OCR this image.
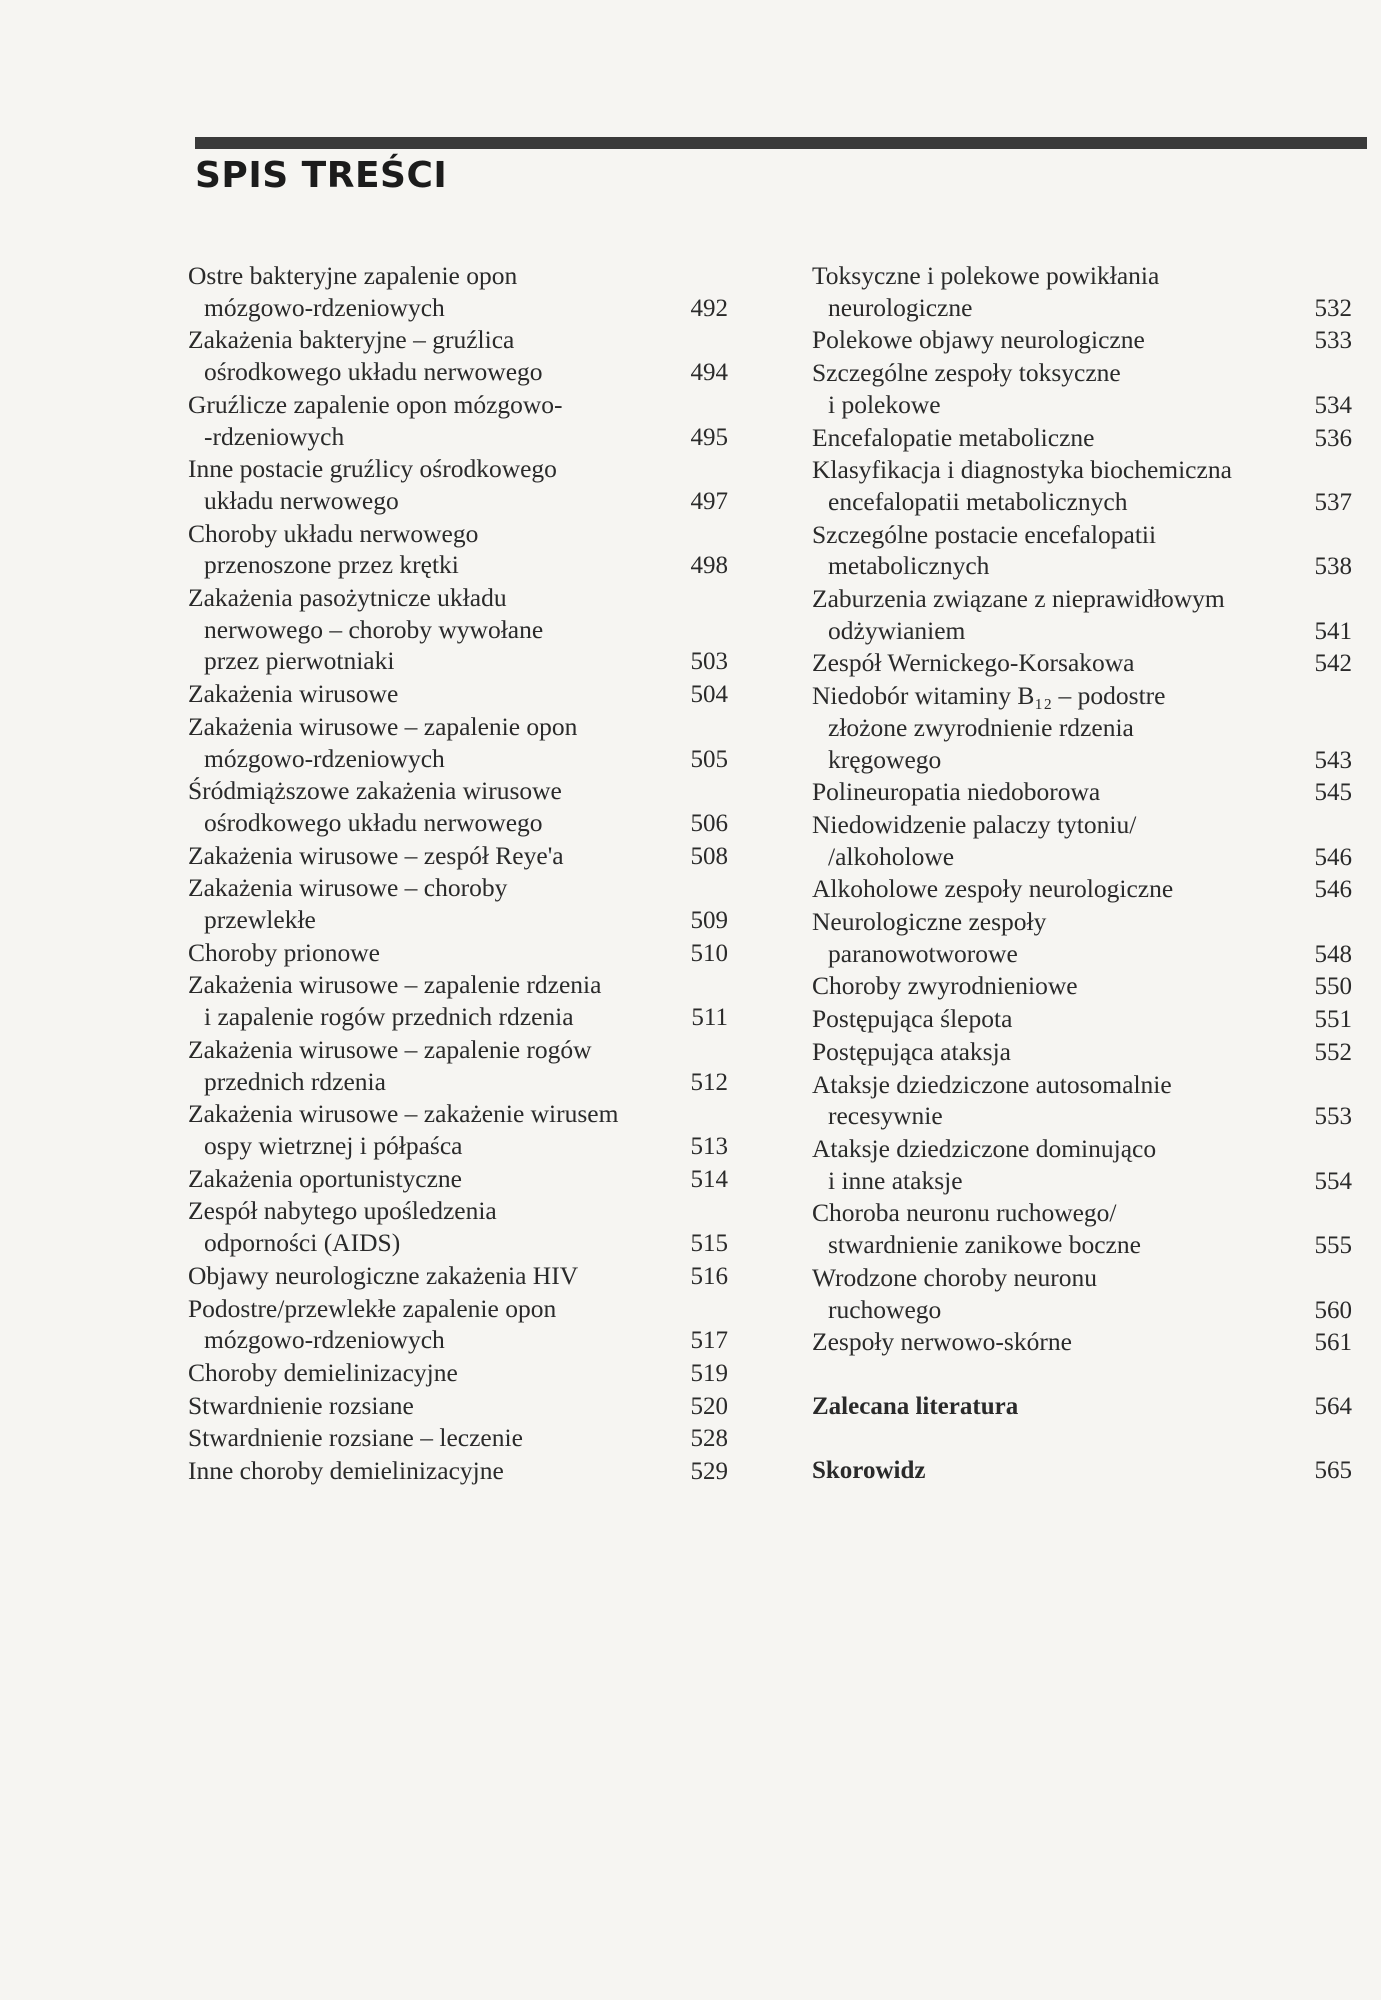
SPIS TREŚCI
Ostre bakteryjne zapalenie opon
mózgowo-rdzeniowych	492
Zakażenia bakteryjne – gruźlica
ośrodkowego układu nerwowego	494
Gruźlicze zapalenie opon mózgowo-
-rdzeniowych	495
Inne postacie gruźlicy ośrodkowego
układu nerwowego	497
Choroby układu nerwowego
przenoszone przez krętki	498
Zakażenia pasożytnicze układu
nerwowego – choroby wywołane
przez pierwotniaki	503
Zakażenia wirusowe	504
Zakażenia wirusowe – zapalenie opon
mózgowo-rdzeniowych	505
Śródmiąższowe zakażenia wirusowe
ośrodkowego układu nerwowego	506
Zakażenia wirusowe – zespół Reye'a	508
Zakażenia wirusowe – choroby
przewlekłe	509
Choroby prionowe	510
Zakażenia wirusowe – zapalenie rdzenia
i zapalenie rogów przednich rdzenia	511
Zakażenia wirusowe – zapalenie rogów
przednich rdzenia	512
Zakażenia wirusowe – zakażenie wirusem
ospy wietrznej i półpaśca	513
Zakażenia oportunistyczne	514
Zespół nabytego upośledzenia
odporności (AIDS)	515
Objawy neurologiczne zakażenia HIV	516
Podostre/przewlekłe zapalenie opon
mózgowo-rdzeniowych	517
Choroby demielinizacyjne	519
Stwardnienie rozsiane	520
Stwardnienie rozsiane – leczenie	528
Inne choroby demielinizacyjne	529
Toksyczne i polekowe powikłania
neurologiczne	532
Polekowe objawy neurologiczne	533
Szczególne zespoły toksyczne
i polekowe	534
Encefalopatie metaboliczne	536
Klasyfikacja i diagnostyka biochemiczna
encefalopatii metabolicznych	537
Szczególne postacie encefalopatii
metabolicznych	538
Zaburzenia związane z nieprawidłowym
odżywianiem	541
Zespół Wernickego-Korsakowa	542
Niedobór witaminy B₁₂ – podostre
złożone zwyrodnienie rdzenia
kręgowego	543
Polineuropatia niedoborowa	545
Niedowidzenie palaczy tytoniu/
/alkoholowe	546
Alkoholowe zespoły neurologiczne	546
Neurologiczne zespoły
paranowotworowe	548
Choroby zwyrodnieniowe	550
Postępująca ślepota	551
Postępująca ataksja	552
Ataksje dziedziczone autosomalnie
recesywnie	553
Ataksje dziedziczone dominująco
i inne ataksje	554
Choroba neuronu ruchowego/
stwardnienie zanikowe boczne	555
Wrodzone choroby neuronu
ruchowego	560
Zespoły nerwowo-skórne	561
Zalecana literatura	564
Skorowidz	565
